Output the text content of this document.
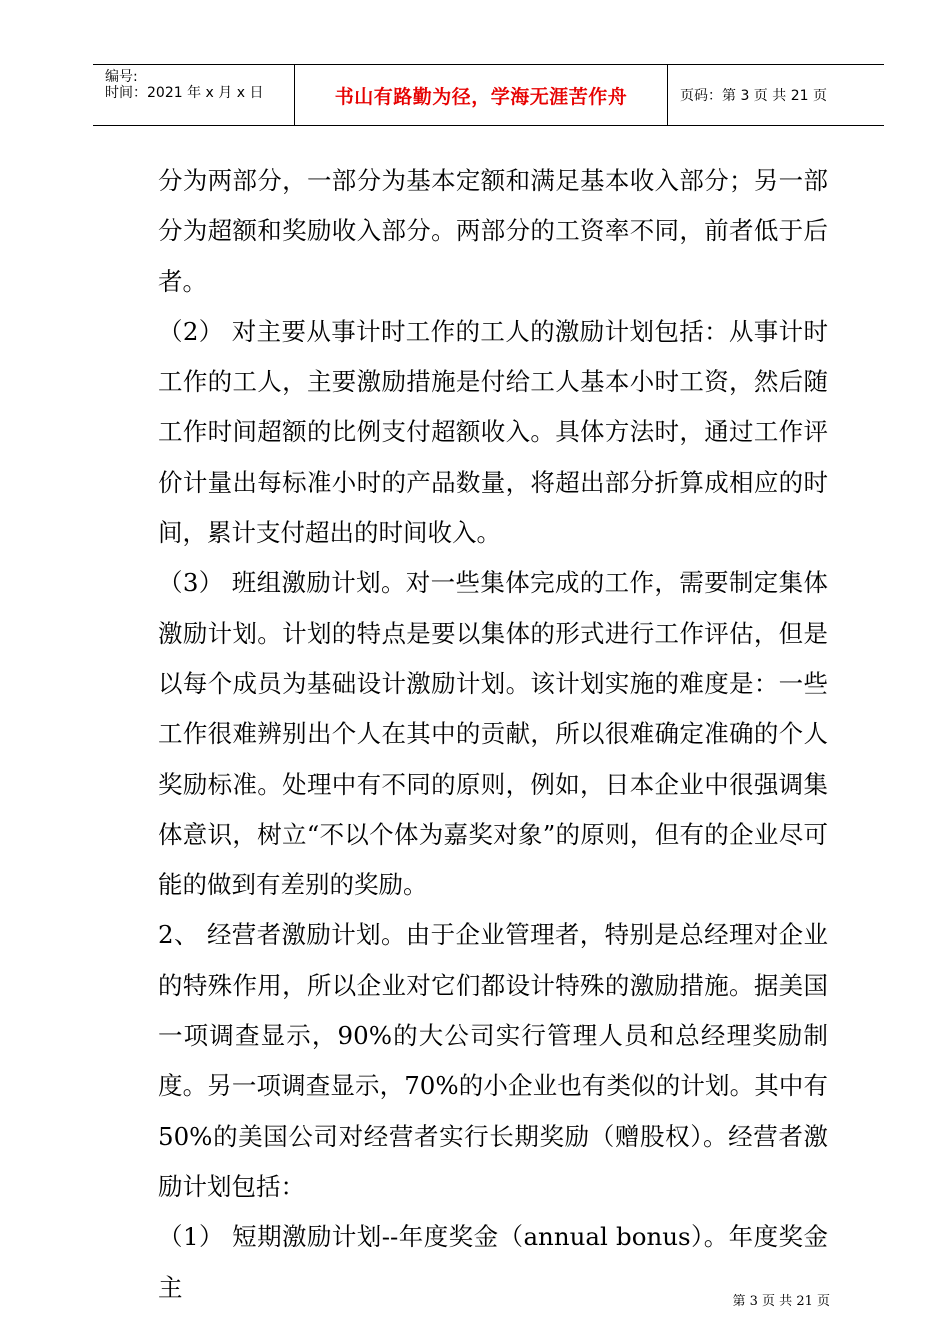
编号:
时间：2021 年 x 月 x 日	书山有路勤为径，学海无涯苦作舟	页码：第 3 页 共 21 页

分为两部分，一部分为基本定额和满足基本收入部分；另一部分为超额和奖励收入部分。两部分的工资率不同，前者低于后者。

（2） 对主要从事计时工作的工人的激励计划包括：从事计时工作的工人，主要激励措施是付给工人基本小时工资，然后随工作时间超额的比例支付超额收入。具体方法时，通过工作评价计量出每标准小时的产品数量，将超出部分折算成相应的时间，累计支付超出的时间收入。

（3） 班组激励计划。对一些集体完成的工作，需要制定集体激励计划。计划的特点是要以集体的形式进行工作评估，但是以每个成员为基础设计激励计划。该计划实施的难度是：一些工作很难辨别出个人在其中的贡献，所以很难确定准确的个人奖励标准。处理中有不同的原则，例如，日本企业中很强调集体意识，树立“不以个体为嘉奖对象”的原则，但有的企业尽可能的做到有差别的奖励。

2、 经营者激励计划。由于企业管理者，特别是总经理对企业的特殊作用，所以企业对它们都设计特殊的激励措施。据美国一项调查显示，90%的大公司实行管理人员和总经理奖励制度。另一项调查显示，70%的小企业也有类似的计划。其中有 50%的美国公司对经营者实行长期奖励（赠股权）。经营者激励计划包括：

（1） 短期激励计划--年度奖金（annual bonus）。年度奖金主	第 3 页 共 21 页
